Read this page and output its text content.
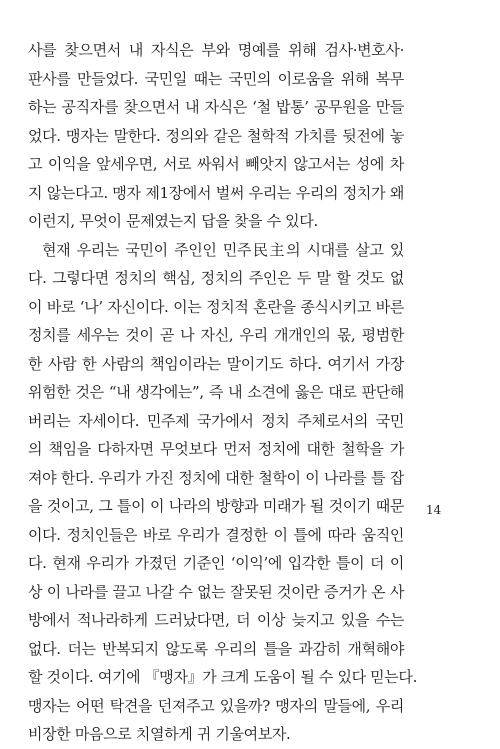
사를 찾으면서 내 자식은 부와 명예를 위해 검사·변호사·
판사를 만들었다. 국민일 때는 국민의 이로움을 위해 복무
하는 공직자를 찾으면서 내 자식은 ‘철 밥통’ 공무원을 만들
었다. 맹자는 말한다. 정의와 같은 철학적 가치를 뒷전에 놓
고 이익을 앞세우면, 서로 싸워서 빼앗지 않고서는 성에 차
지 않는다고. 맹자 제1장에서 벌써 우리는 우리의 정치가 왜
이런지, 무엇이 문제였는지 답을 찾을 수 있다.
현재 우리는 국민이 주인인 민주民主의 시대를 살고 있
다. 그렇다면 정치의 핵심, 정치의 주인은 두 말 할 것도 없
이 바로 ‘나’ 자신이다. 이는 정치적 혼란을 종식시키고 바른
정치를 세우는 것이 곧 나 자신, 우리 개개인의 몫, 평범한
한 사람 한 사람의 책임이라는 말이기도 하다. 여기서 가장
위험한 것은 “내 생각에는”, 즉 내 소견에 옳은 대로 판단해
버리는 자세이다. 민주제 국가에서 정치 주체로서의 국민
의 책임을 다하자면 무엇보다 먼저 정치에 대한 철학을 가
져야 한다. 우리가 가진 정치에 대한 철학이 이 나라를 틀 잡
을 것이고, 그 틀이 이 나라의 방향과 미래가 될 것이기 때문
이다. 정치인들은 바로 우리가 결정한 이 틀에 따라 움직인
다. 현재 우리가 가졌던 기준인 ‘이익’에 입각한 틀이 더 이
상 이 나라를 끌고 나갈 수 없는 잘못된 것이란 증거가 온 사
방에서 적나라하게 드러났다면, 더 이상 늦지고 있을 수는
없다. 더는 반복되지 않도록 우리의 틀을 과감히 개혁해야
할 것이다. 여기에 『맹자』가 크게 도움이 될 수 있다 믿는다.
맹자는 어떤 탁견을 던져주고 있을까? 맹자의 말들에, 우리
비장한 마음으로 치열하게 귀 기울여보자.
14
